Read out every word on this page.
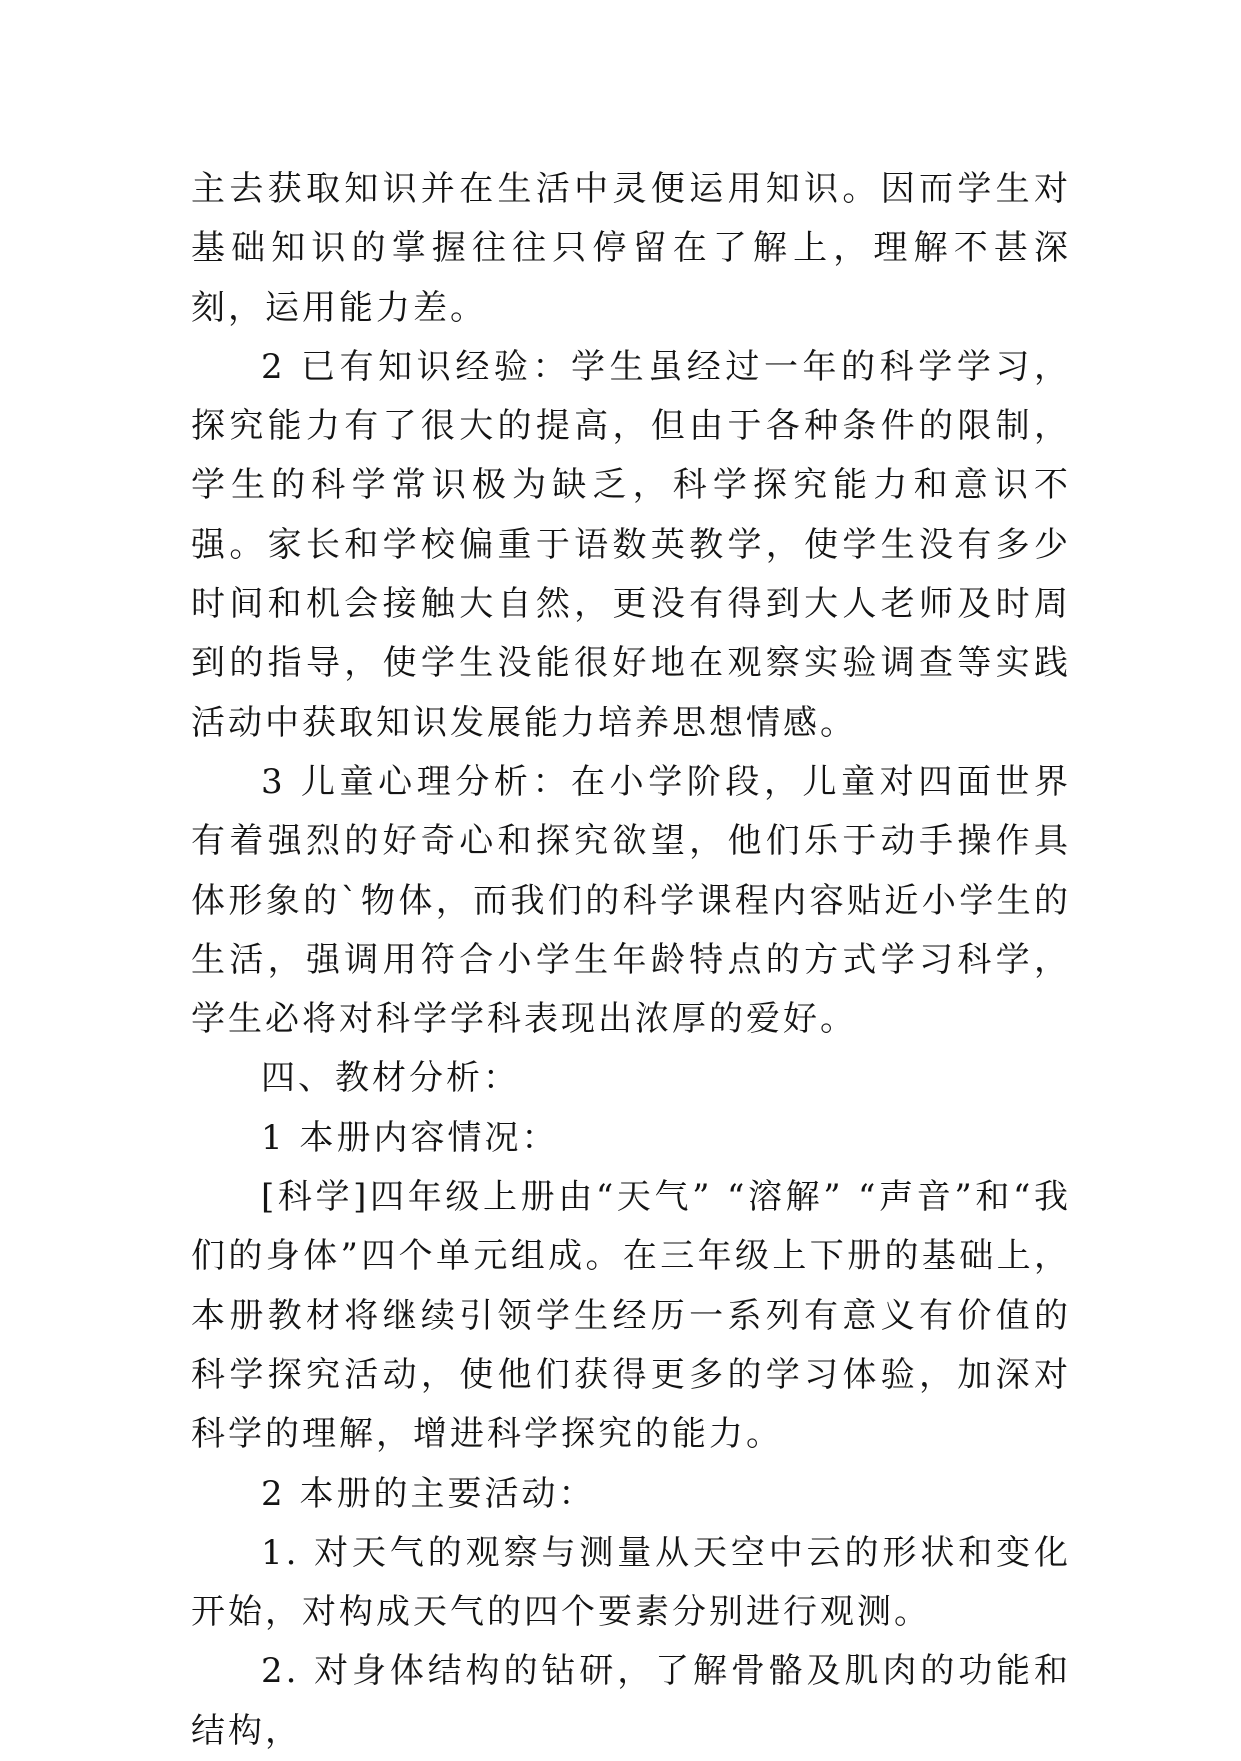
主去获取知识并在生活中灵便运用知识。因而学生对基础知识的掌握往往只停留在了解上，理解不甚深刻，运用能力差。

2 已有知识经验：学生虽经过一年的科学学习，探究能力有了很大的提高，但由于各种条件的限制，学生的科学常识极为缺乏，科学探究能力和意识不强。家长和学校偏重于语数英教学，使学生没有多少时间和机会接触大自然，更没有得到大人老师及时周到的指导，使学生没能很好地在观察实验调查等实践活动中获取知识发展能力培养思想情感。

3 儿童心理分析：在小学阶段，儿童对四面世界有着强烈的好奇心和探究欲望，他们乐于动手操作具体形象的`物体，而我们的科学课程内容贴近小学生的生活，强调用符合小学生年龄特点的方式学习科学，学生必将对科学学科表现出浓厚的爱好。

四、教材分析：

1 本册内容情况：

[科学]四年级上册由“天气” “溶解” “声音”和“我们的身体”四个单元组成。在三年级上下册的基础上，本册教材将继续引领学生经历一系列有意义有价值的科学探究活动，使他们获得更多的学习体验，加深对科学的理解，增进科学探究的能力。

2 本册的主要活动：

1. 对天气的观察与测量从天空中云的形状和变化开始，对构成天气的四个要素分别进行观测。

2. 对身体结构的钻研，了解骨骼及肌肉的功能和结构，
